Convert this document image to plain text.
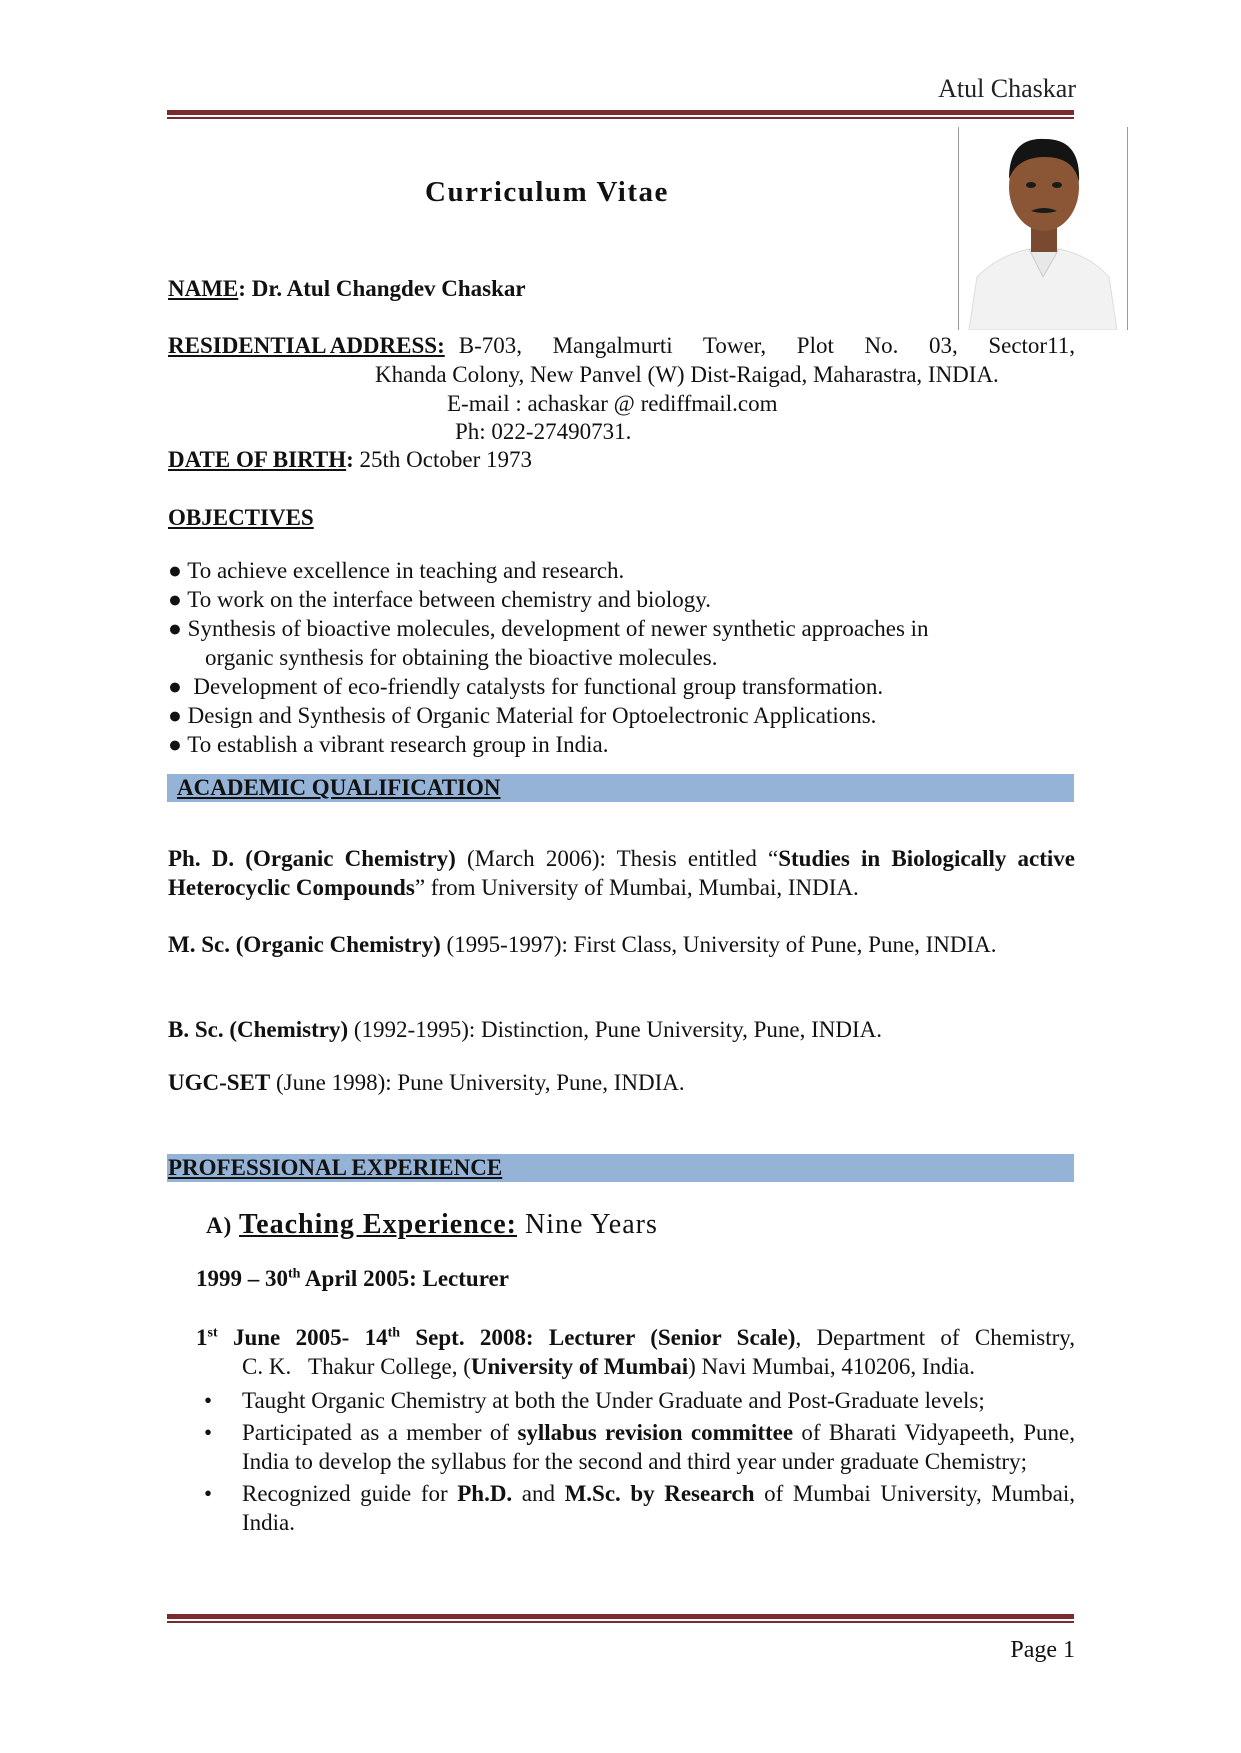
Atul Chaskar
Curriculum Vitae
NAME: Dr. Atul Changdev Chaskar
RESIDENTIAL ADDRESS: B-703, Mangalmurti Tower, Plot No. 03, Sector11,
Khanda Colony, New Panvel (W) Dist-Raigad, Maharastra, INDIA.
E-mail : achaskar @ rediffmail.com
Ph: 022-27490731.
DATE OF BIRTH: 25th October 1973
OBJECTIVES
● To achieve excellence in teaching and research.
● To work on the interface between chemistry and biology.
● Synthesis of bioactive molecules, development of newer synthetic approaches in
organic synthesis for obtaining the bioactive molecules.
● Development of eco-friendly catalysts for functional group transformation.
● Design and Synthesis of Organic Material for Optoelectronic Applications.
● To establish a vibrant research group in India.
ACADEMIC QUALIFICATION
Ph. D. (Organic Chemistry) (March 2006): Thesis entitled “Studies in Biologically active Heterocyclic Compounds” from University of Mumbai, Mumbai, INDIA.
M. Sc. (Organic Chemistry) (1995-1997): First Class, University of Pune, Pune, INDIA.
B. Sc. (Chemistry) (1992-1995): Distinction, Pune University, Pune, INDIA.
UGC-SET (June 1998): Pune University, Pune, INDIA.
PROFESSIONAL EXPERIENCE
A) Teaching Experience: Nine Years
1999 – 30th April 2005: Lecturer
1st June 2005- 14th Sept. 2008: Lecturer (Senior Scale), Department of Chemistry,
C. K.   Thakur College, (University of Mumbai) Navi Mumbai, 410206, India.
• Taught Organic Chemistry at both the Under Graduate and Post-Graduate levels;
• Participated as a member of syllabus revision committee of Bharati Vidyapeeth, Pune, India to develop the syllabus for the second and third year under graduate Chemistry;
• Recognized guide for Ph.D. and M.Sc. by Research of Mumbai University, Mumbai, India.
Page 1
